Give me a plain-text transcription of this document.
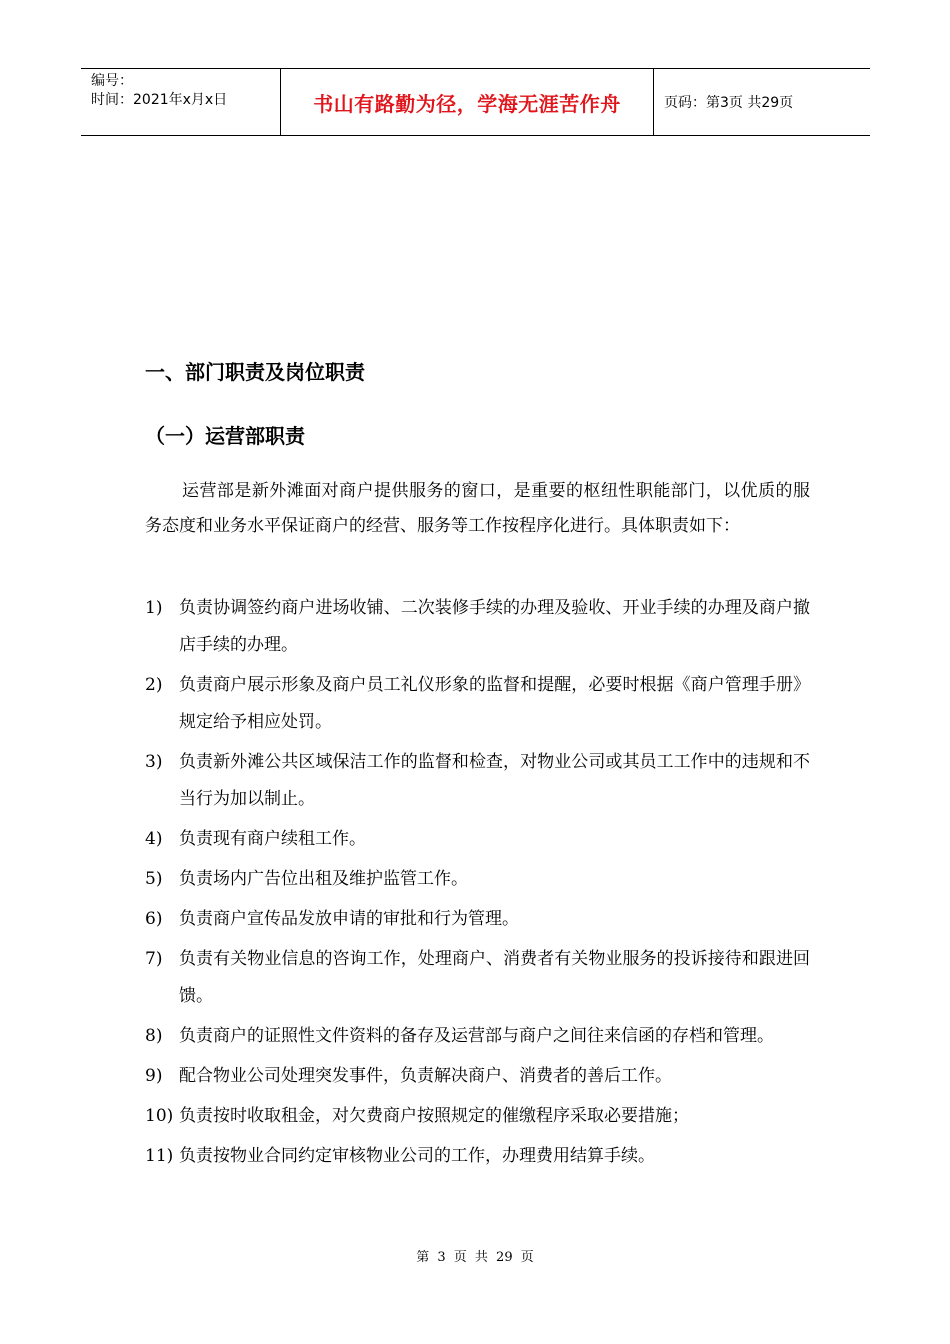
编号：
时间：2021年x月x日	书山有路勤为径，学海无涯苦作舟	页码：第3页 共29页
一、部门职责及岗位职责
（一）运营部职责
运营部是新外滩面对商户提供服务的窗口，是重要的枢纽性职能部门，以优质的服务态度和业务水平保证商户的经营、服务等工作按程序化进行。具体职责如下：
1) 负责协调签约商户进场收铺、二次装修手续的办理及验收、开业手续的办理及商户撤店手续的办理。
2) 负责商户展示形象及商户员工礼仪形象的监督和提醒，必要时根据《商户管理手册》规定给予相应处罚。
3) 负责新外滩公共区域保洁工作的监督和检查，对物业公司或其员工工作中的违规和不当行为加以制止。
4) 负责现有商户续租工作。
5) 负责场内广告位出租及维护监管工作。
6) 负责商户宣传品发放申请的审批和行为管理。
7) 负责有关物业信息的咨询工作，处理商户、消费者有关物业服务的投诉接待和跟进回馈。
8) 负责商户的证照性文件资料的备存及运营部与商户之间往来信函的存档和管理。
9) 配合物业公司处理突发事件，负责解决商户、消费者的善后工作。
10) 负责按时收取租金，对欠费商户按照规定的催缴程序采取必要措施；
11) 负责按物业合同约定审核物业公司的工作，办理费用结算手续。
第 3 页 共 29 页
